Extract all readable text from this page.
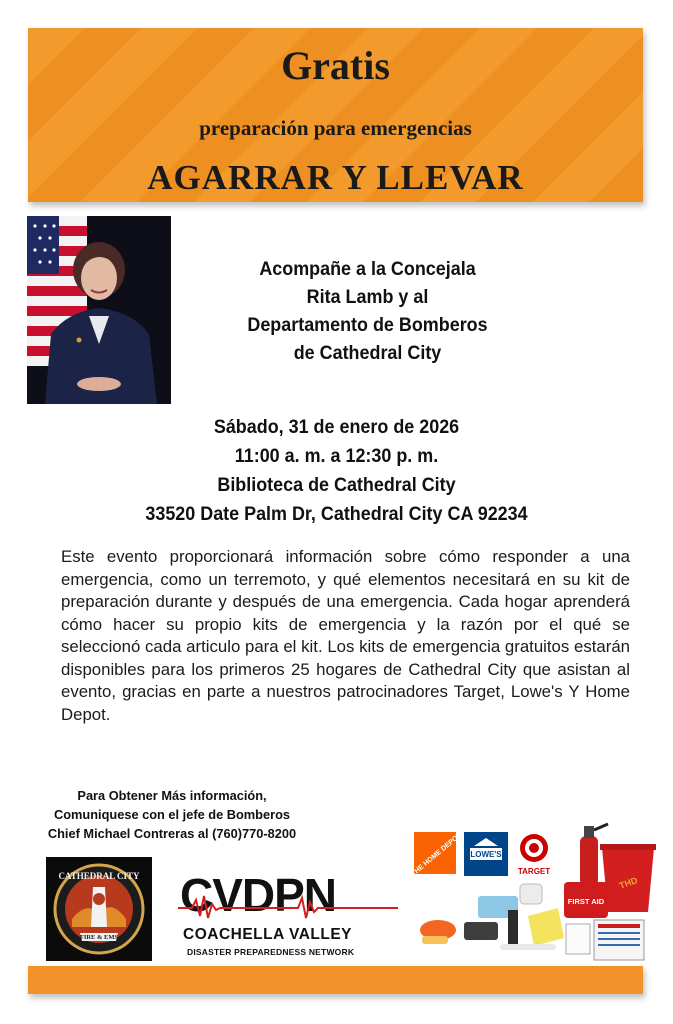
Gratis
preparación para emergencias
AGARRAR Y LLEVAR
Acompañe a la Concejala
Rita Lamb y al
Departamento de Bomberos
de Cathedral City
Sábado, 31 de enero de 2026
11:00 a. m. a 12:30 p. m.
Biblioteca de Cathedral City
33520 Date Palm Dr, Cathedral City CA 92234
Este evento proporcionará información sobre cómo responder a una emergencia, como un terremoto, y qué elementos necesitará en su kit de preparación durante y después de una emergencia. Cada hogar aprenderá cómo hacer su propio kits de emergencia y la razón por el qué se seleccionó cada articulo para el kit. Los kits de emergencia gratuitos estarán disponibles para los primeros 25 hogares de Cathedral City que asistan al evento, gracias en parte a nuestros patrocinadores Target, Lowe's Y Home Depot.
Para Obtener Más información,
Comuniquese con el jefe de Bomberos
Chief Michael Contreras al (760)770-8200
CATHEDRAL CITY
FIRE & EMS
CVDPN
COACHELLA VALLEY
DISASTER PREPAREDNESS NETWORK
THE HOME DEPOT LOWE'S
TARGET
THD
FIRST AID
